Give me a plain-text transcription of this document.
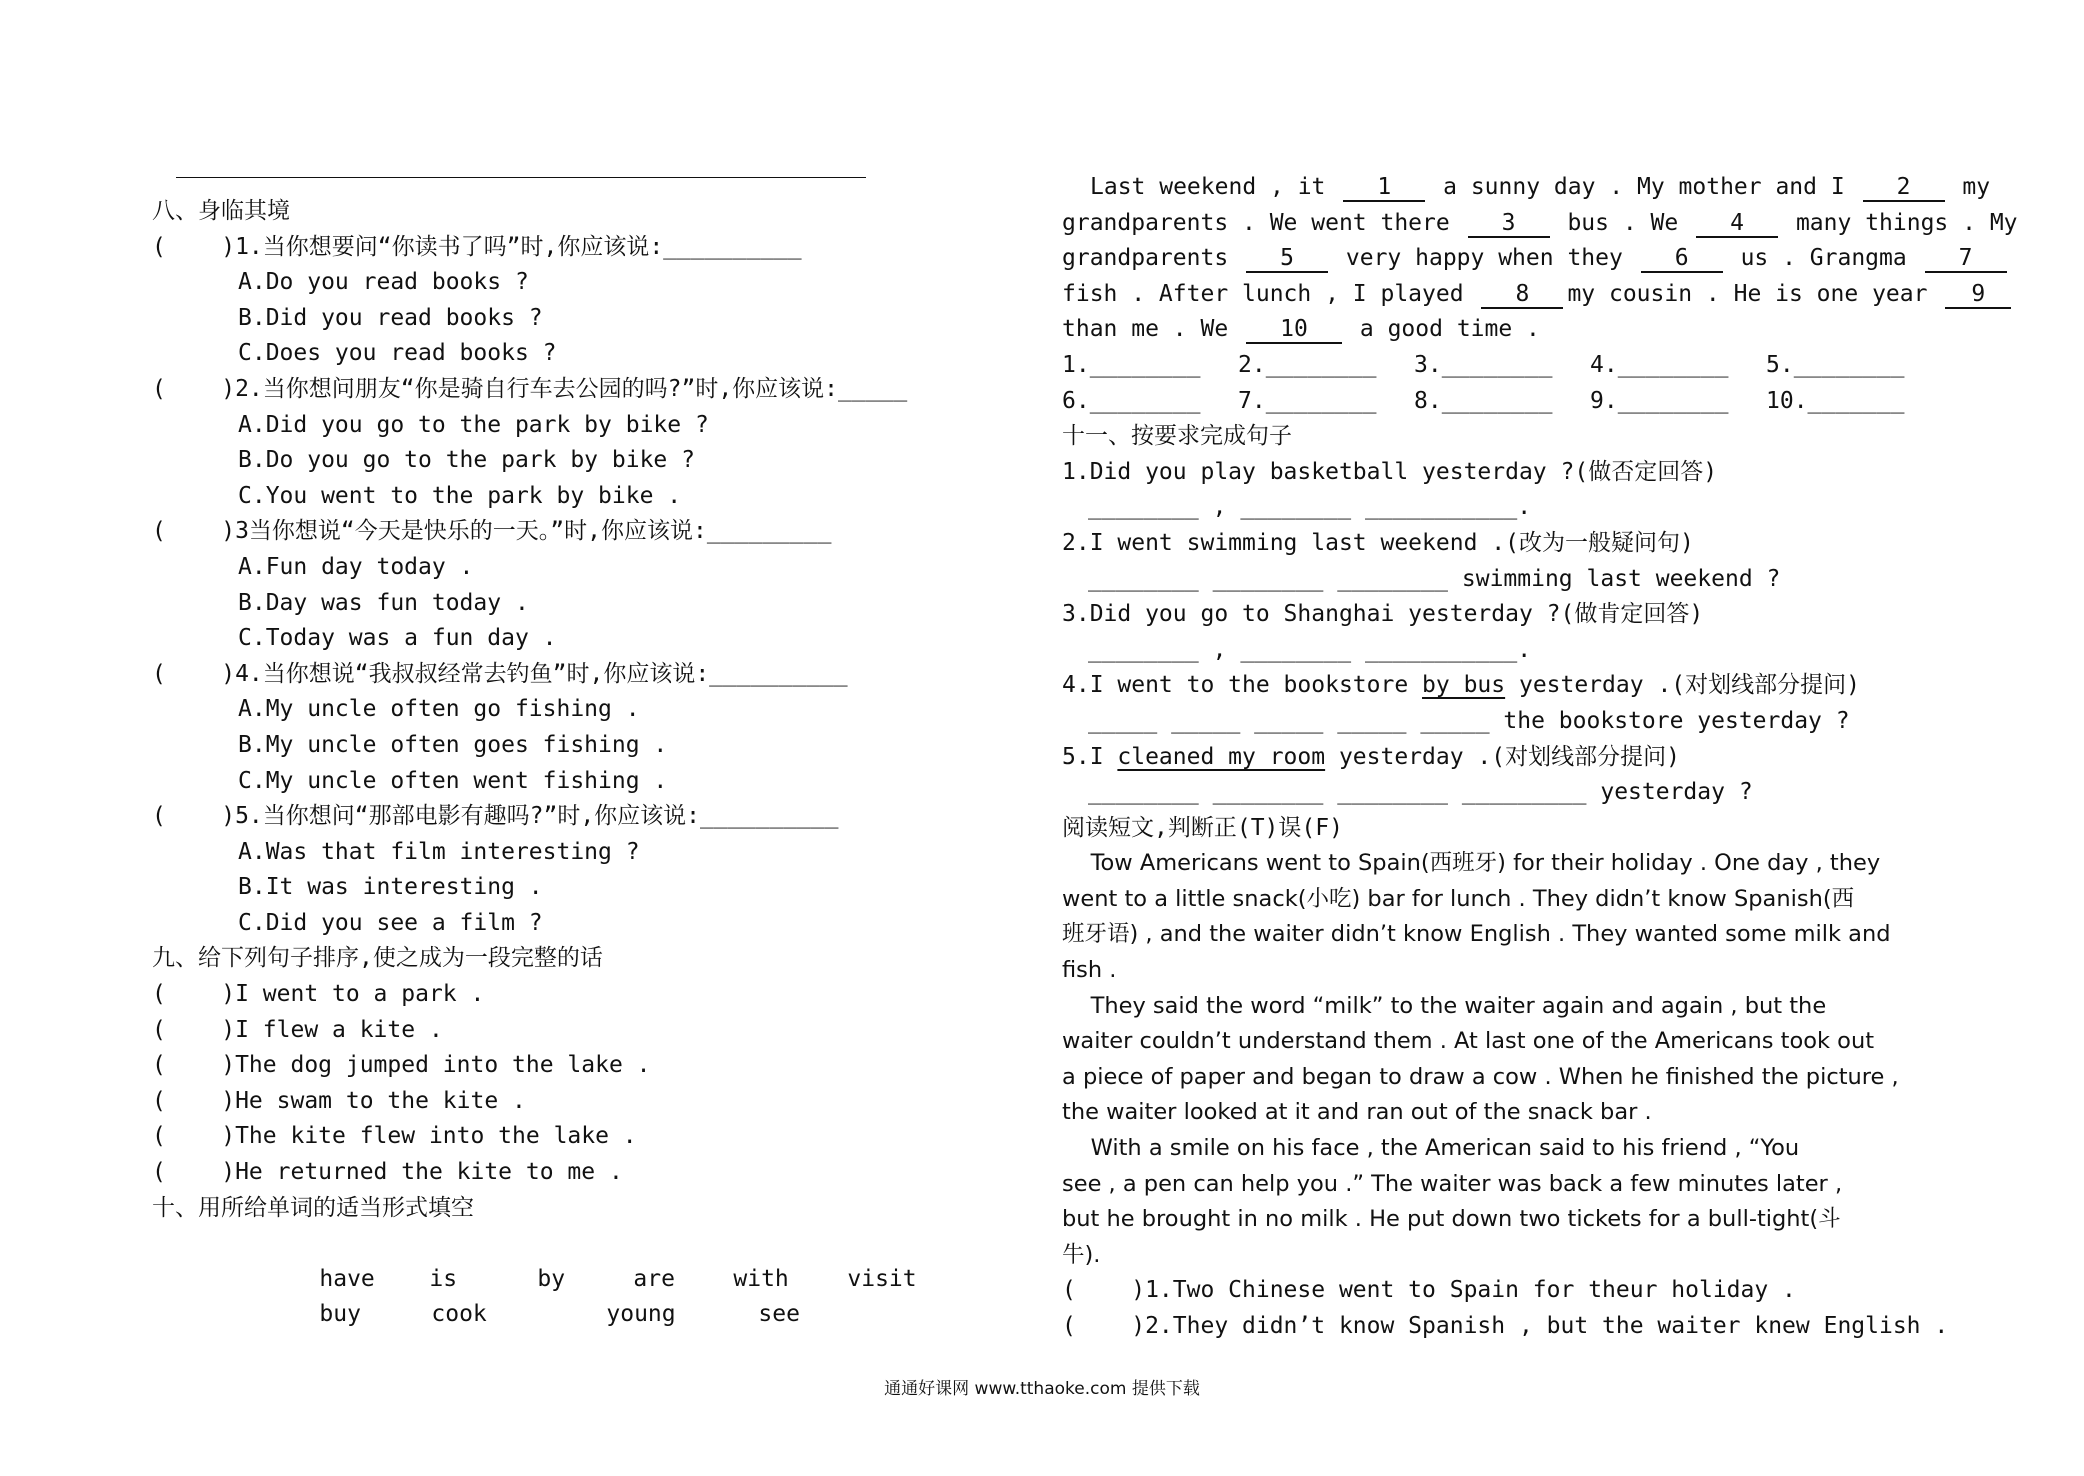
八、身临其境
(    )1.当你想要问“你读书了吗”时,你应该说:__________
A.Do you read books ?
B.Did you read books ?
C.Does you read books ?
(    )2.当你想问朋友“你是骑自行车去公园的吗?”时,你应该说:_____
A.Did you go to the park by bike ?
B.Do you go to the park by bike ?
C.You went to the park by bike .
(    )3当你想说“今天是快乐的一天。”时,你应该说:_________
A.Fun day today .
B.Day was fun today .
C.Today was a fun day .
(    )4.当你想说“我叔叔经常去钓鱼”时,你应该说:__________
A.My uncle often go fishing .
B.My uncle often goes fishing .
C.My uncle often went fishing .
(    )5.当你想问“那部电影有趣吗?”时,你应该说:__________
A.Was that film interesting ?
B.It was interesting .
C.Did you see a film ?
九、给下列句子排序,使之成为一段完整的话
(    )I went to a park .
(    )I flew a kite .
(    )The dog jumped into the lake .
(    )He swam to the kite .
(    )The kite flew into the lake .
(    )He returned the kite to me .
十、用所给单词的适当形式填空

have is	by	are	with	visit

buy	cook	young	see

Last weekend , it 1 a sunny day . My mother and I 2 my
grandparents . We went there 3 bus . We 4 many things . My
grandparents 5 very happy when they 6 us . Grangma 7
fish . After lunch , I played 8 my cousin . He is one year 9
than me . We 10 a good time .
1.________	2.________	3.________	4.________	5.________
6.________	7.________	8.________	9.________	10._______
十一、按要求完成句子
1.Did you play basketball yesterday ?(做否定回答)
________ , ________ ___________.
2.I went swimming last weekend .(改为一般疑问句)
________ ________ ________ swimming last weekend ?
3.Did you go to Shanghai yesterday ?(做肯定回答)
________ , ________ ___________.
4.I went to the bookstore by bus yesterday .(对划线部分提问)
_____ _____ _____ _____ _____ the bookstore yesterday ?
5.I cleaned my room yesterday .(对划线部分提问)
________ ________ ________ _________ yesterday ?
阅读短文,判断正(T)误(F)
Tow Americans went to Spain(西班牙) for their holiday . One day , they
went to a little snack(小吃) bar for lunch . They didn’t know Spanish(西
班牙语) , and the waiter didn’t know English . They wanted some milk and
fish .
They said the word “milk” to the waiter again and again , but the
waiter couldn’t understand them . At last one of the Americans took out
a piece of paper and began to draw a cow . When he finished the picture ,
the waiter looked at it and ran out of the snack bar .
With a smile on his face , the American said to his friend , “You
see , a pen can help you .” The waiter was back a few minutes later ,
but he brought in no milk . He put down two tickets for a bull-tight(斗
牛).
(    )1.Two Chinese went to Spain for theur holiday .
(    )2.They didn’t know Spanish , but the waiter knew English .
通通好课网 www.tthaoke.com 提供下载
